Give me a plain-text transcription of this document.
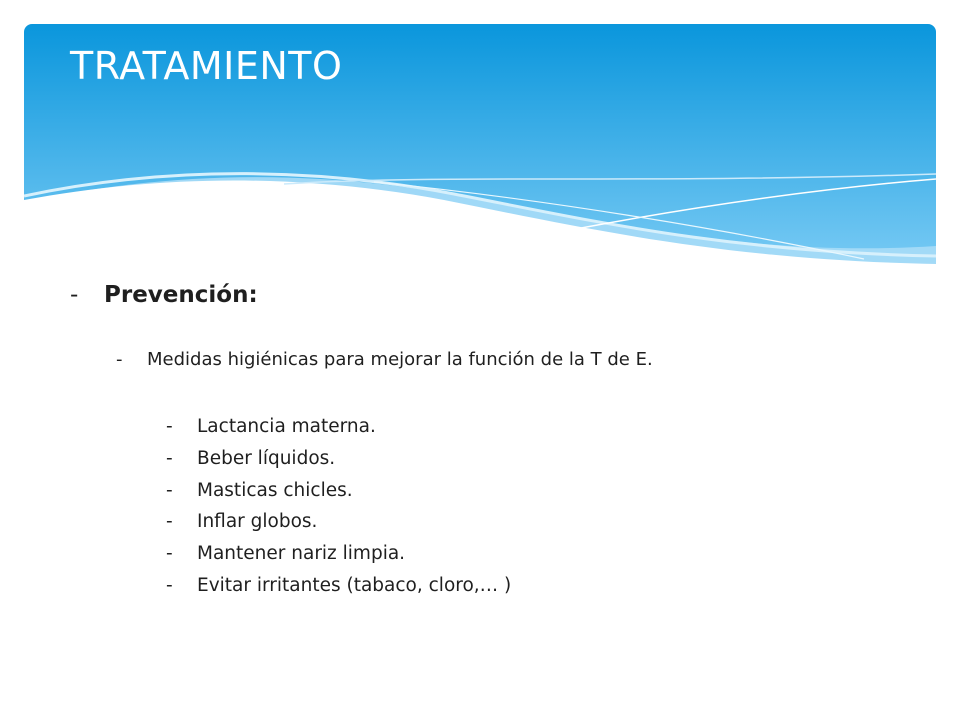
TRATAMIENTO
- Prevención:
- Medidas higiénicas para mejorar la función de la T de E.
- Lactancia materna.
- Beber líquidos.
- Masticas chicles.
- Inflar globos.
- Mantener nariz limpia.
- Evitar irritantes (tabaco, cloro,… )
